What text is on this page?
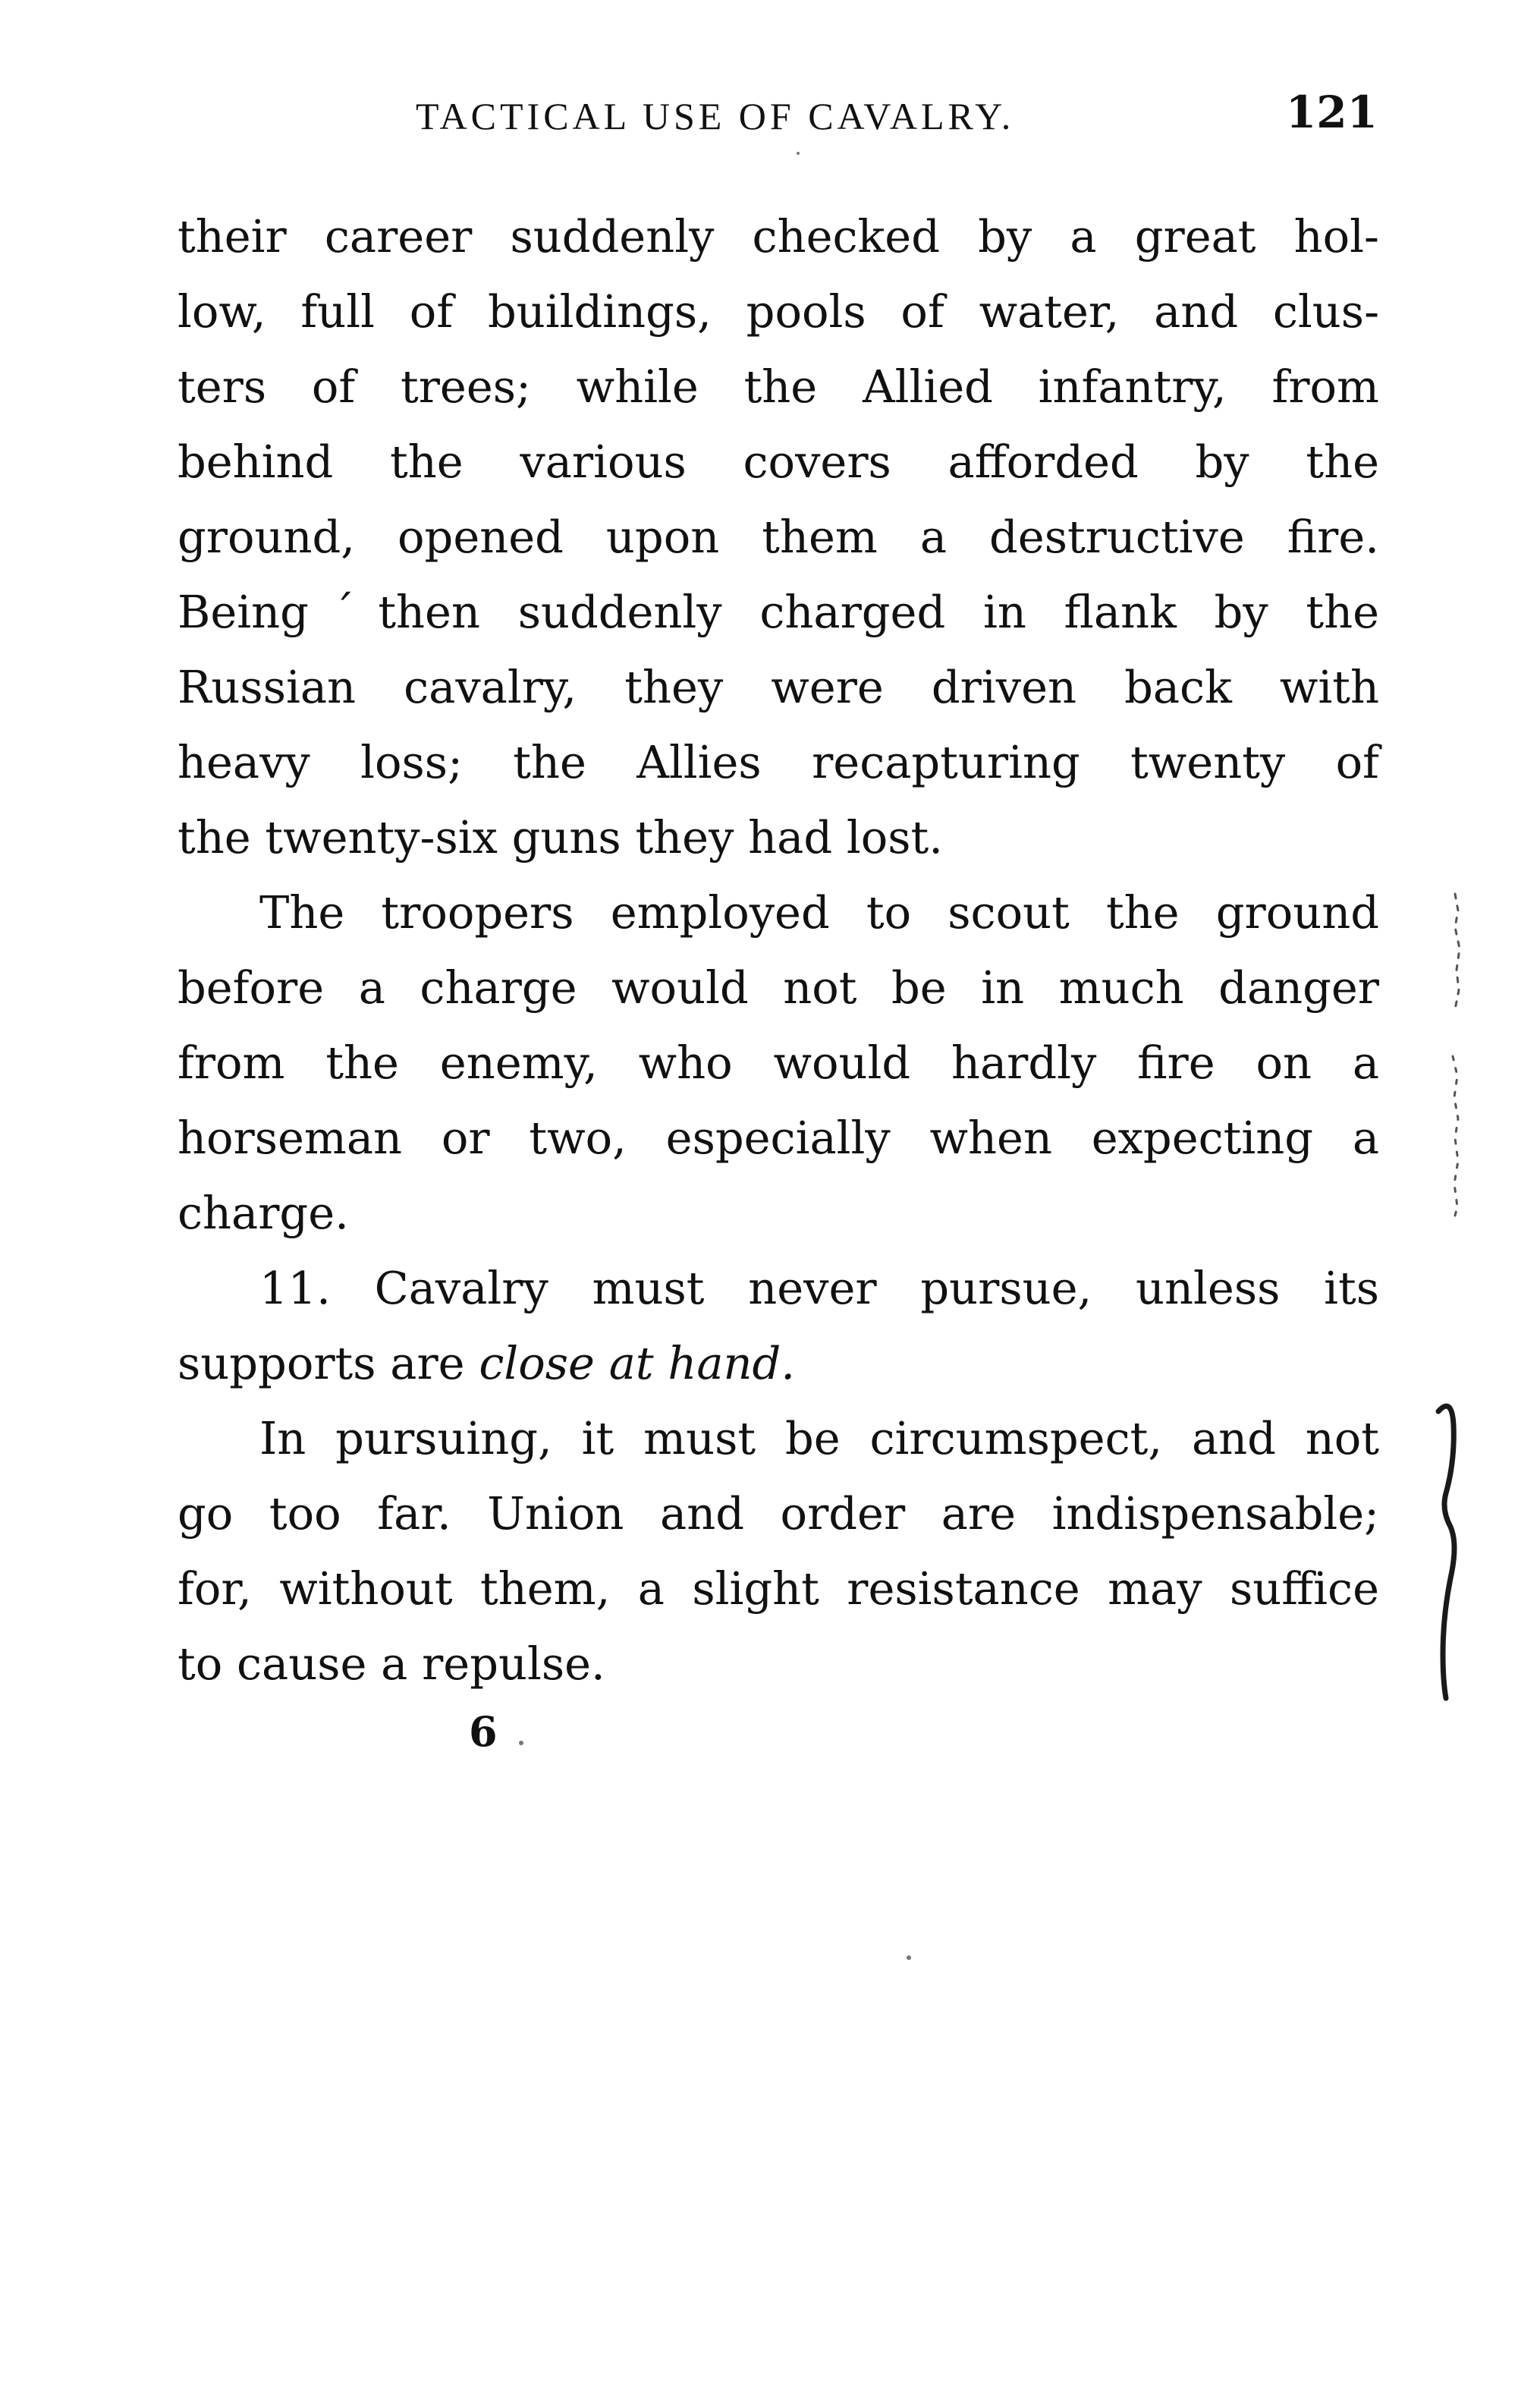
TACTICAL USE OF CAVALRY.	121
their career suddenly checked by a great hol-
low, full of buildings, pools of water, and clus-
ters of trees; while the Allied infantry, from
behind the various covers afforded by the
ground, opened upon them a destructive fire.
Beingˊthen suddenly charged in flank by the
Russian cavalry, they were driven back with
heavy loss; the Allies recapturing twenty of
the twenty-six guns they had lost.
The troopers employed to scout the ground
before a charge would not be in much danger
from the enemy, who would hardly fire on a
horseman or two, especially when expecting a
charge.
11. Cavalry must never pursue, unless its
supports are close at hand.
In pursuing, it must be circumspect, and not
go too far. Union and order are indispensable;
for, without them, a slight resistance may suffice
to cause a repulse.
6
